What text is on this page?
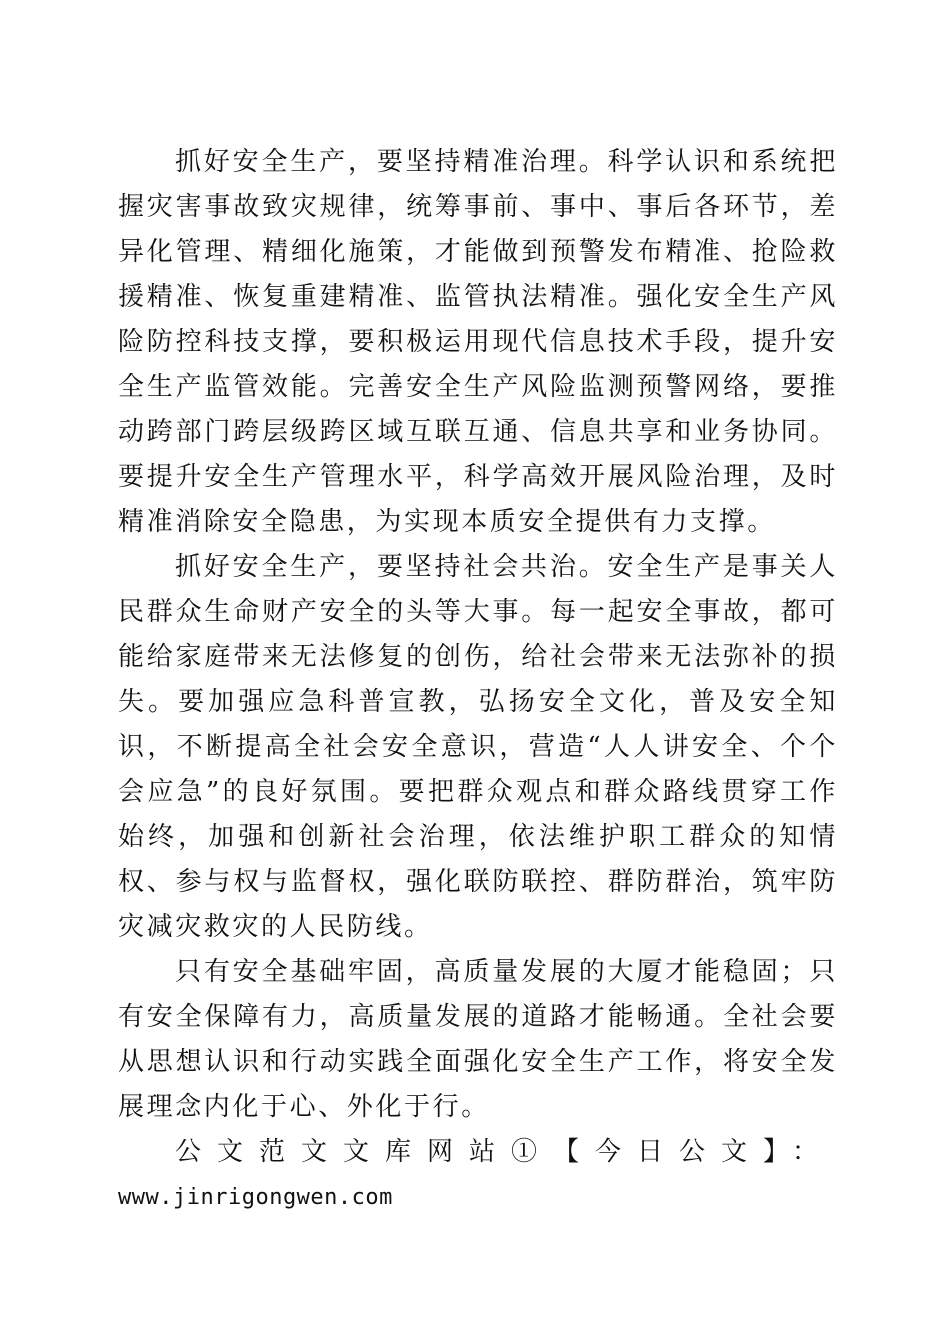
抓好安全生产，要坚持精准治理。科学认识和系统把握灾害事故致灾规律，统筹事前、事中、事后各环节，差异化管理、精细化施策，才能做到预警发布精准、抢险救援精准、恢复重建精准、监管执法精准。强化安全生产风险防控科技支撑，要积极运用现代信息技术手段，提升安全生产监管效能。完善安全生产风险监测预警网络，要推动跨部门跨层级跨区域互联互通、信息共享和业务协同。要提升安全生产管理水平，科学高效开展风险治理，及时精准消除安全隐患，为实现本质安全提供有力支撑。

抓好安全生产，要坚持社会共治。安全生产是事关人民群众生命财产安全的头等大事。每一起安全事故，都可能给家庭带来无法修复的创伤，给社会带来无法弥补的损失。要加强应急科普宣教，弘扬安全文化，普及安全知识，不断提高全社会安全意识，营造“人人讲安全、个个会应急”的良好氛围。要把群众观点和群众路线贯穿工作始终，加强和创新社会治理，依法维护职工群众的知情权、参与权与监督权，强化联防联控、群防群治，筑牢防灾减灾救灾的人民防线。

只有安全基础牢固，高质量发展的大厦才能稳固；只有安全保障有力，高质量发展的道路才能畅通。全社会要从思想认识和行动实践全面强化安全生产工作，将安全发展理念内化于心、外化于行。

公文范文文库网站①【今日公文】：
www.jinrigongwen.com
